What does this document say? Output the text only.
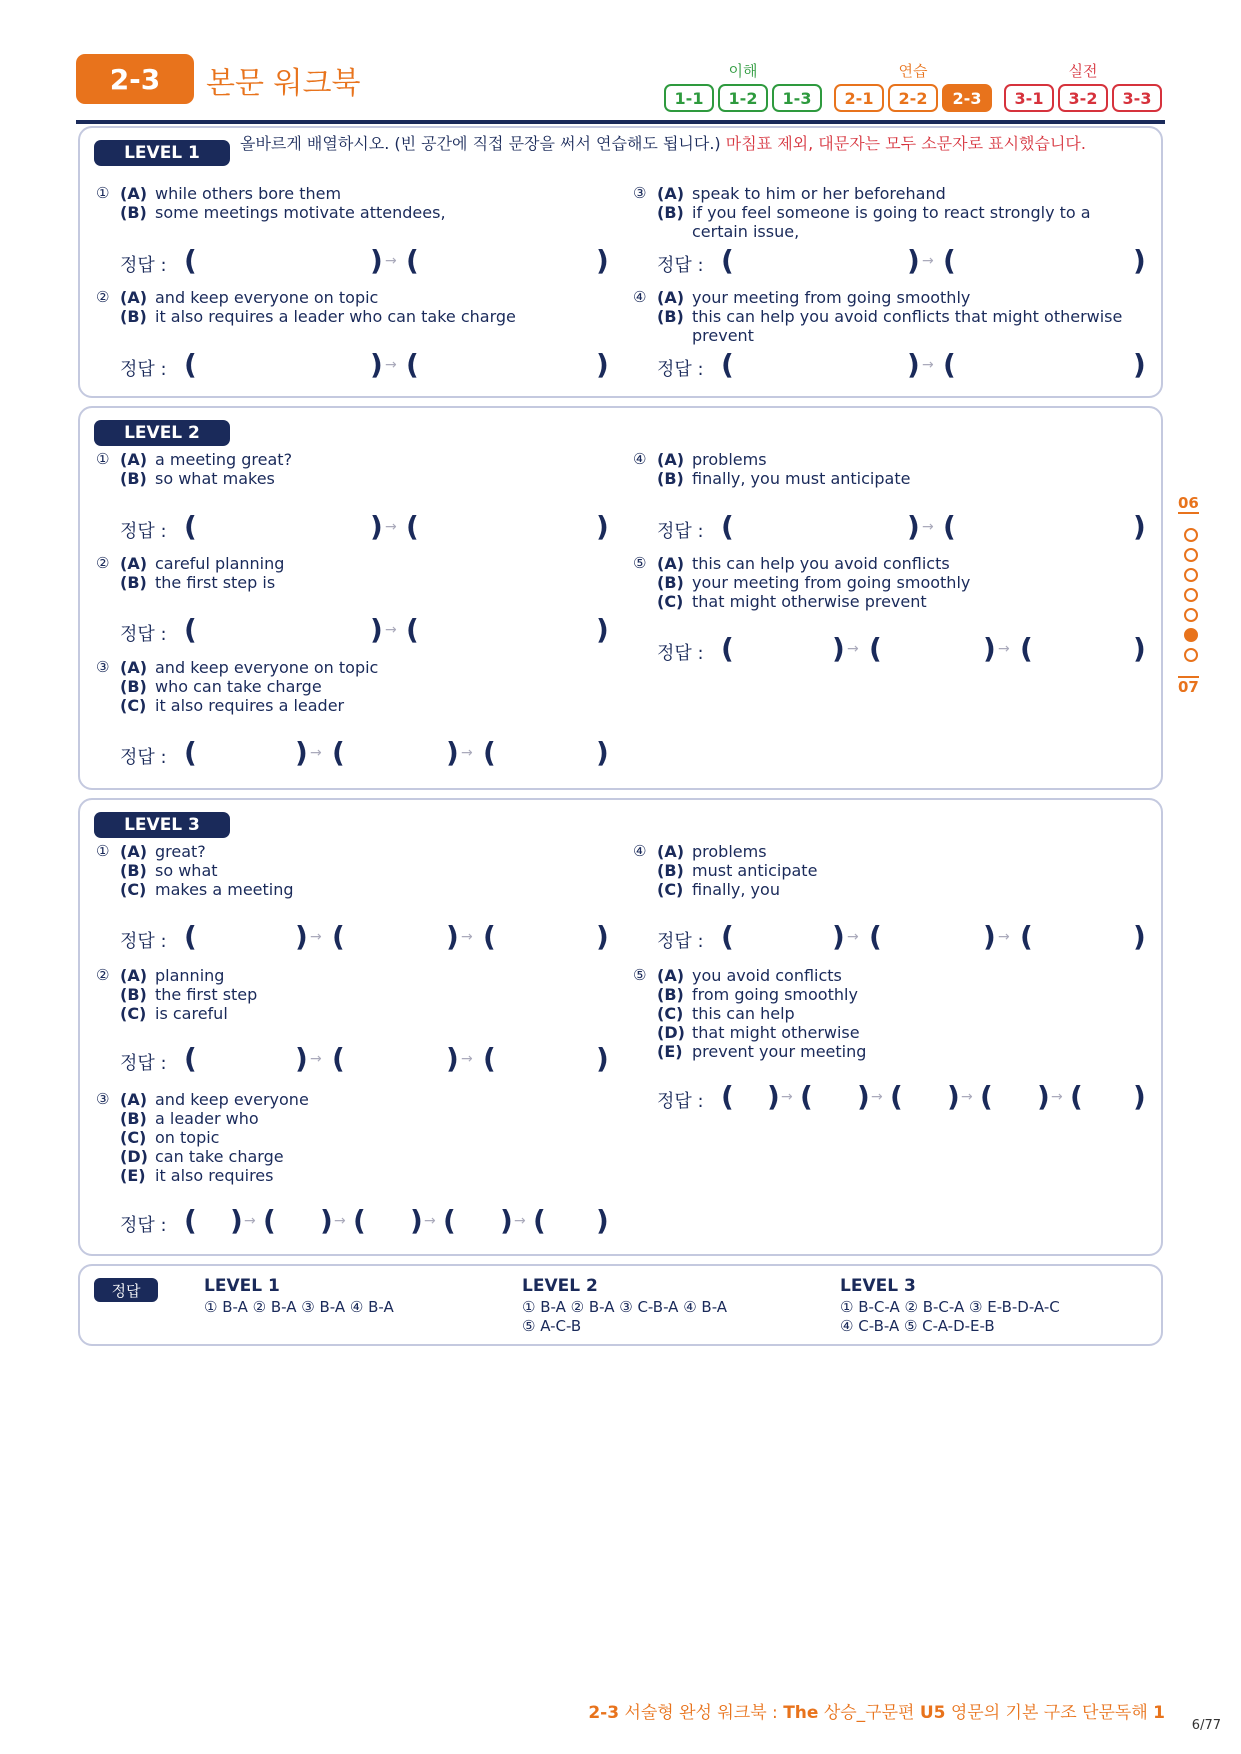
2-3	본문 워크북	이해	연습	실전
1-1	1-2	1-3	2-1	2-2	2-3	3-1	3-2	3-3
LEVEL 1	올바르게 배열하시오. (빈 공간에 직접 문장을 써서 연습해도 됩니다.) 마침표 제외, 대문자는 모두 소문자로 표시했습니다.
① (A) while others bore them
(B) some meetings motivate attendees,
③ (A) speak to him or her beforehand
(B) if you feel someone is going to react strongly to a certain issue,
정답 : (	) → (	)	정답 : (	) → (	)
② (A) and keep everyone on topic
(B) it also requires a leader who can take charge
④ (A) your meeting from going smoothly
(B) this can help you avoid conflicts that might otherwise prevent
정답 : (	) → (	)	정답 : (	) → (	)
LEVEL 2
① (A) a meeting great?
(B) so what makes
④ (A) problems
(B) finally, you must anticipate
정답 : (	) → (	)	정답 : (	) → (	)
② (A) careful planning
(B) the first step is
⑤ (A) this can help you avoid conflicts
(B) your meeting from going smoothly
(C) that might otherwise prevent
정답 : (	) → (	)
정답 : (	) → (	) → (	)
③ (A) and keep everyone on topic
(B) who can take charge
(C) it also requires a leader
정답 : (	) → (	) → (	)
LEVEL 3
① (A) great?
(B) so what
(C) makes a meeting
④ (A) problems
(B) must anticipate
(C) finally, you
정답 : (	) → (	) → (	)	정답 : (	) → (	) → (	)
② (A) planning
(B) the first step
(C) is careful
⑤ (A) you avoid conflicts
(B) from going smoothly
(C) this can help
(D) that might otherwise
(E) prevent your meeting
정답 : (	) → (	) → (	)
정답 : ( ) → ( ) → ( ) → ( ) → ( )
③ (A) and keep everyone
(B) a leader who
(C) on topic
(D) can take charge
(E) it also requires
정답 : ( ) → ( ) → ( ) → ( ) → ( )
정답	LEVEL 1
① B-A ② B-A ③ B-A ④ B-A
LEVEL 2
① B-A ② B-A ③ C-B-A ④ B-A
⑤ A-C-B
LEVEL 3
① B-C-A ② B-C-A ③ E-B-D-A-C
④ C-B-A ⑤ C-A-D-E-B
06
07
2-3 서술형 완성 워크북 : The 상승_구문편 U5 영문의 기본 구조 단문독해 1
6/77
